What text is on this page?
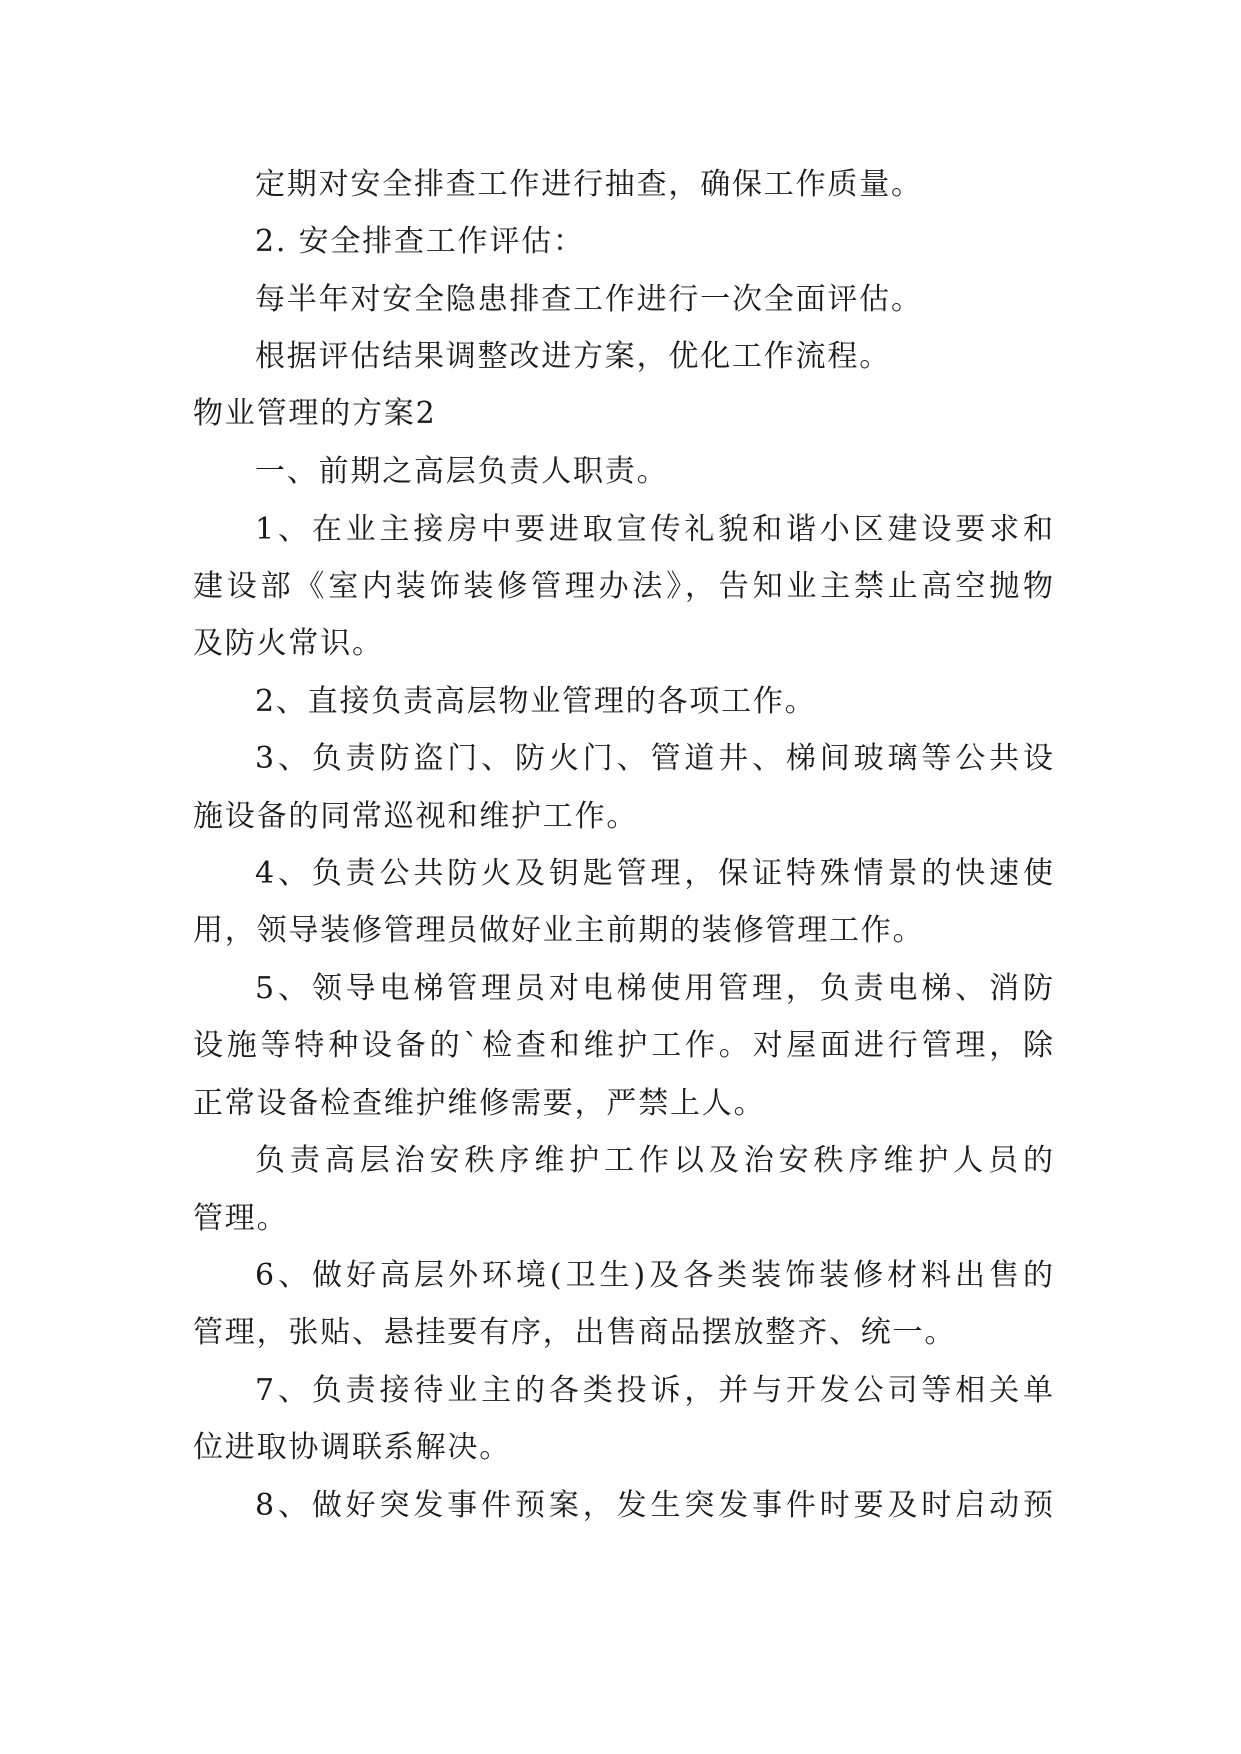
定期对安全排查工作进行抽查，确保工作质量。
2. 安全排查工作评估：
每半年对安全隐患排查工作进行一次全面评估。
根据评估结果调整改进方案，优化工作流程。
物业管理的方案2
一、前期之高层负责人职责。
1、在业主接房中要进取宣传礼貌和谐小区建设要求和
建设部《室内装饰装修管理办法》，告知业主禁止高空抛物
及防火常识。
2、直接负责高层物业管理的各项工作。
3、负责防盗门、防火门、管道井、梯间玻璃等公共设
施设备的同常巡视和维护工作。
4、负责公共防火及钥匙管理，保证特殊情景的快速使
用，领导装修管理员做好业主前期的装修管理工作。
5、领导电梯管理员对电梯使用管理，负责电梯、消防
设施等特种设备的`检查和维护工作。对屋面进行管理，除
正常设备检查维护维修需要，严禁上人。
负责高层治安秩序维护工作以及治安秩序维护人员的
管理。
6、做好高层外环境(卫生)及各类装饰装修材料出售的
管理，张贴、悬挂要有序，出售商品摆放整齐、统一。
7、负责接待业主的各类投诉，并与开发公司等相关单
位进取协调联系解决。
8、做好突发事件预案，发生突发事件时要及时启动预
